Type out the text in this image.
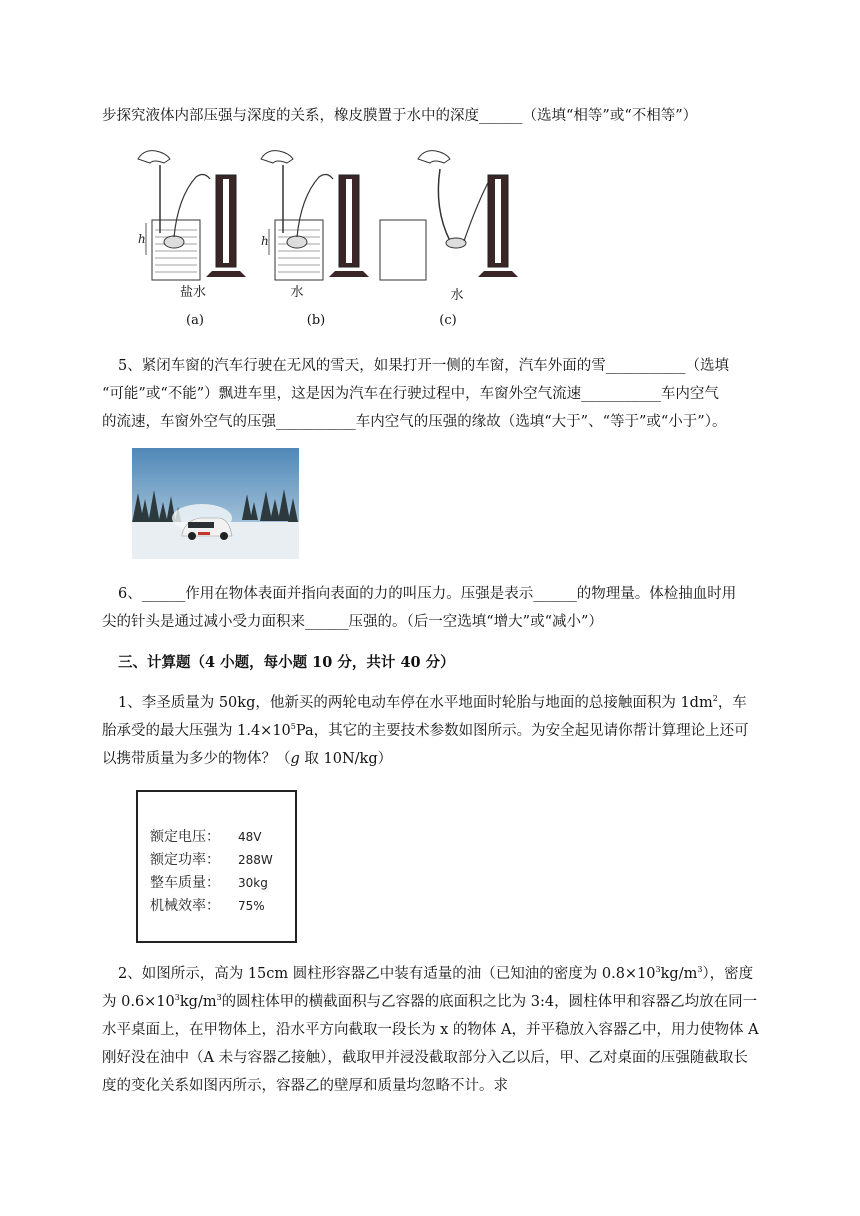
步探究液体内部压强与深度的关系，橡皮膜置于水中的深度______（选填“相等”或“不相等”）

h	h
盐水	水	水
(a)	(b)	(c)

5、紧闭车窗的汽车行驶在无风的雪天，如果打开一侧的车窗，汽车外面的雪___________（选填
“可能”或“不能”）飘进车里，这是因为汽车在行驶过程中，车窗外空气流速___________车内空气
的流速，车窗外空气的压强___________车内空气的压强的缘故（选填“大于”、“等于”或“小于”）。

6、______作用在物体表面并指向表面的力的叫压力。压强是表示______的物理量。体检抽血时用
尖的针头是通过减小受力面积来______压强的。（后一空选填“增大”或“减小”）

三、计算题（4 小题，每小题 10 分，共计 40 分）

1、李圣质量为 50kg，他新买的两轮电动车停在水平地面时轮胎与地面的总接触面积为 $1dm^2$，车
胎承受的最大压强为 $1.4\times 10^5Pa$，其它的主要技术参数如图所示。为安全起见请你帮计算理论上还可
以携带质量为多少的物体？（g 取 10N/kg）

额定电压： 48V
额定功率： 288W
整车质量： 30kg
机械效率： 75%

2、如图所示，高为 15cm 圆柱形容器乙中装有适量的油（已知油的密度为 $0.8\times 10^3kg/m^3$），密度
为 $0.6\times 10^3kg/m^3$的圆柱体甲的横截面积与乙容器的底面积之比为 3:4，圆柱体甲和容器乙均放在同一
水平桌面上，在甲物体上，沿水平方向截取一段长为 x 的物体 A，并平稳放入容器乙中，用力使物体 A
刚好没在油中（A 未与容器乙接触），截取甲并浸没截取部分入乙以后，甲、乙对桌面的压强随截取长
度的变化关系如图丙所示，容器乙的壁厚和质量均忽略不计。求
